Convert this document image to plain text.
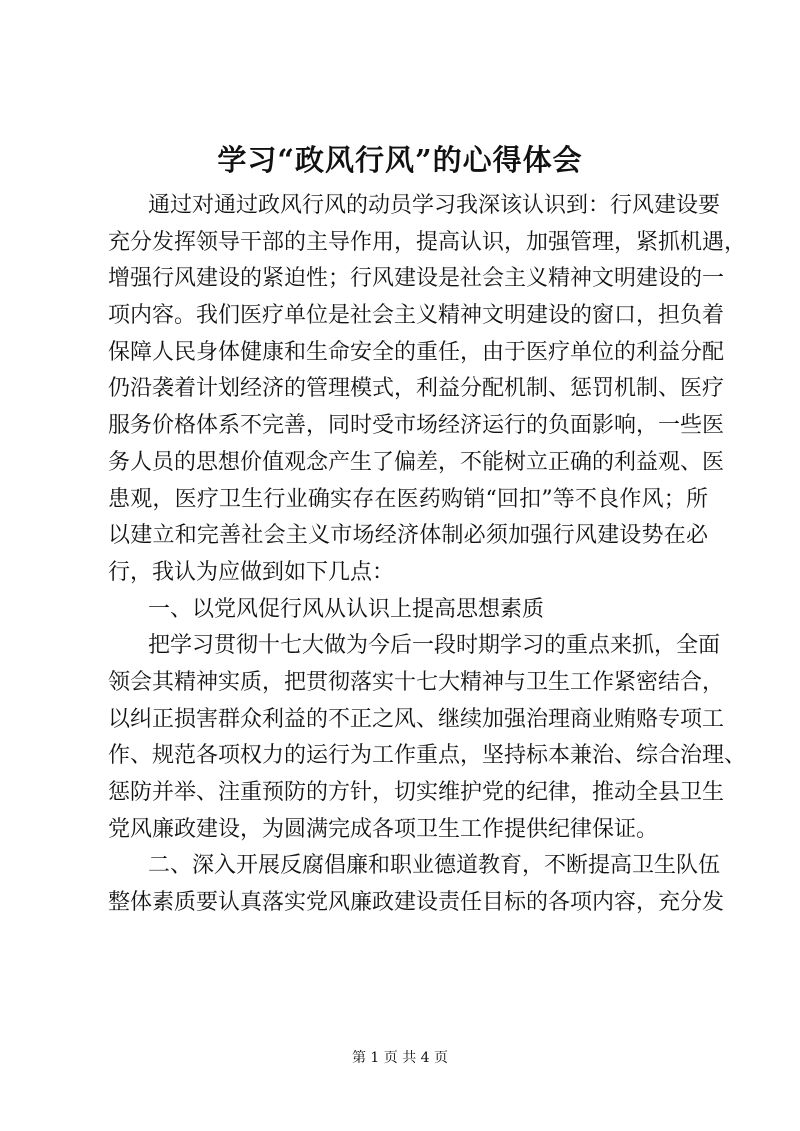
学习“政风行风”的心得体会
通过对通过政风行风的动员学习我深该认识到：行风建设要
充分发挥领导干部的主导作用，提高认识，加强管理，紧抓机遇，
增强行风建设的紧迫性；行风建设是社会主义精神文明建设的一
项内容。我们医疗单位是社会主义精神文明建设的窗口，担负着
保障人民身体健康和生命安全的重任，由于医疗单位的利益分配
仍沿袭着计划经济的管理模式，利益分配机制、惩罚机制、医疗
服务价格体系不完善，同时受市场经济运行的负面影响，一些医
务人员的思想价值观念产生了偏差，不能树立正确的利益观、医
患观，医疗卫生行业确实存在医药购销“回扣”等不良作风；所
以建立和完善社会主义市场经济体制必须加强行风建设势在必
行，我认为应做到如下几点：
一、以党风促行风从认识上提高思想素质
把学习贯彻十七大做为今后一段时期学习的重点来抓，全面
领会其精神实质，把贯彻落实十七大精神与卫生工作紧密结合，
以纠正损害群众利益的不正之风、继续加强治理商业贿赂专项工
作、规范各项权力的运行为工作重点，坚持标本兼治、综合治理、
惩防并举、注重预防的方针，切实维护党的纪律，推动全县卫生
党风廉政建设，为圆满完成各项卫生工作提供纪律保证。
二、深入开展反腐倡廉和职业德道教育，不断提高卫生队伍
整体素质要认真落实党风廉政建设责任目标的各项内容，充分发
第 1 页 共 4 页
